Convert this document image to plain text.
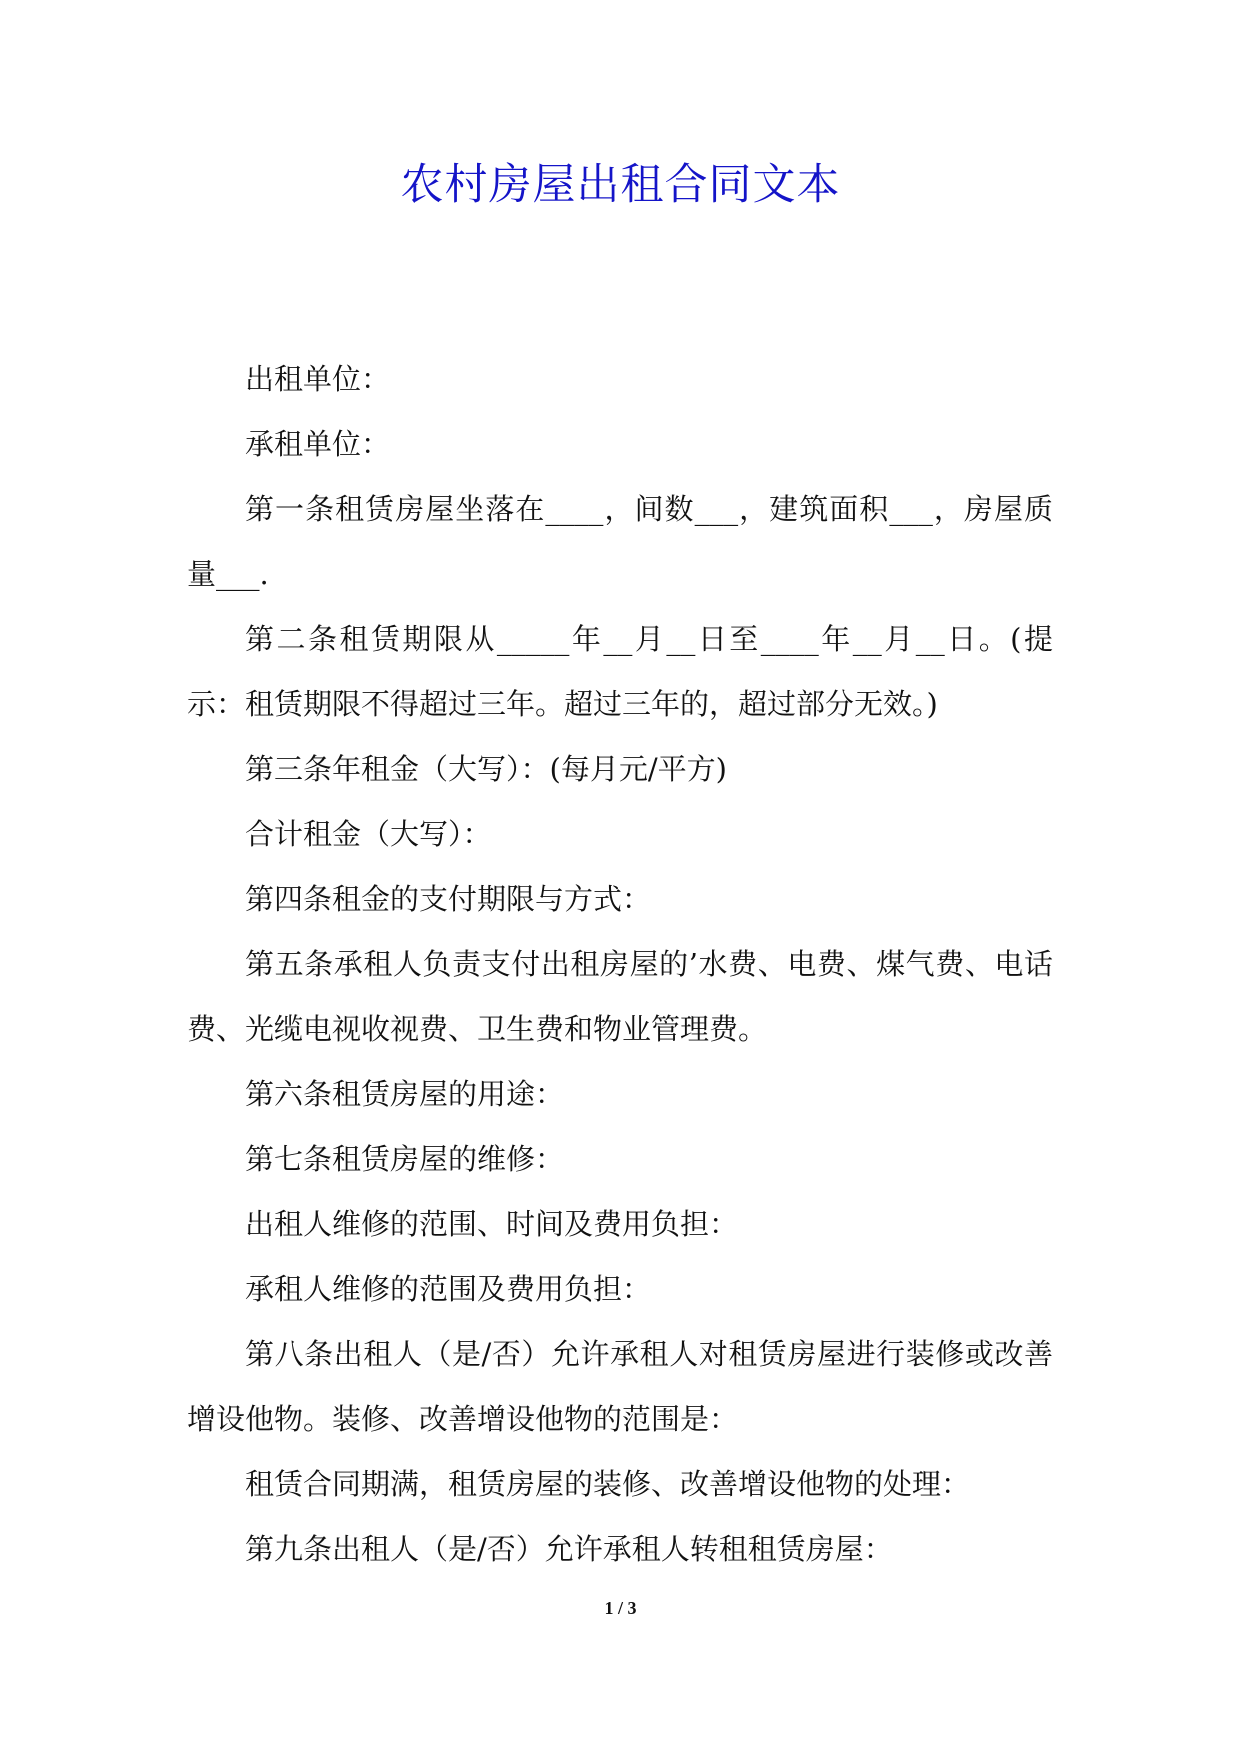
农村房屋出租合同文本

出租单位：

承租单位：

第一条租赁房屋坐落在____，间数___，建筑面积___，房屋质量___.

第二条租赁期限从_____年__月__日至____年__月__日。(提示：租赁期限不得超过三年。超过三年的，超过部分无效。)

第三条年租金（大写）：(每月元/平方)

合计租金（大写）：

第四条租金的支付期限与方式：

第五条承租人负责支付出租房屋的’水费、电费、煤气费、电话费、光缆电视收视费、卫生费和物业管理费。

第六条租赁房屋的用途：

第七条租赁房屋的维修：

出租人维修的范围、时间及费用负担：

承租人维修的范围及费用负担：

第八条出租人（是/否）允许承租人对租赁房屋进行装修或改善增设他物。装修、改善增设他物的范围是：

租赁合同期满，租赁房屋的装修、改善增设他物的处理：

第九条出租人（是/否）允许承租人转租租赁房屋：

1 / 3
